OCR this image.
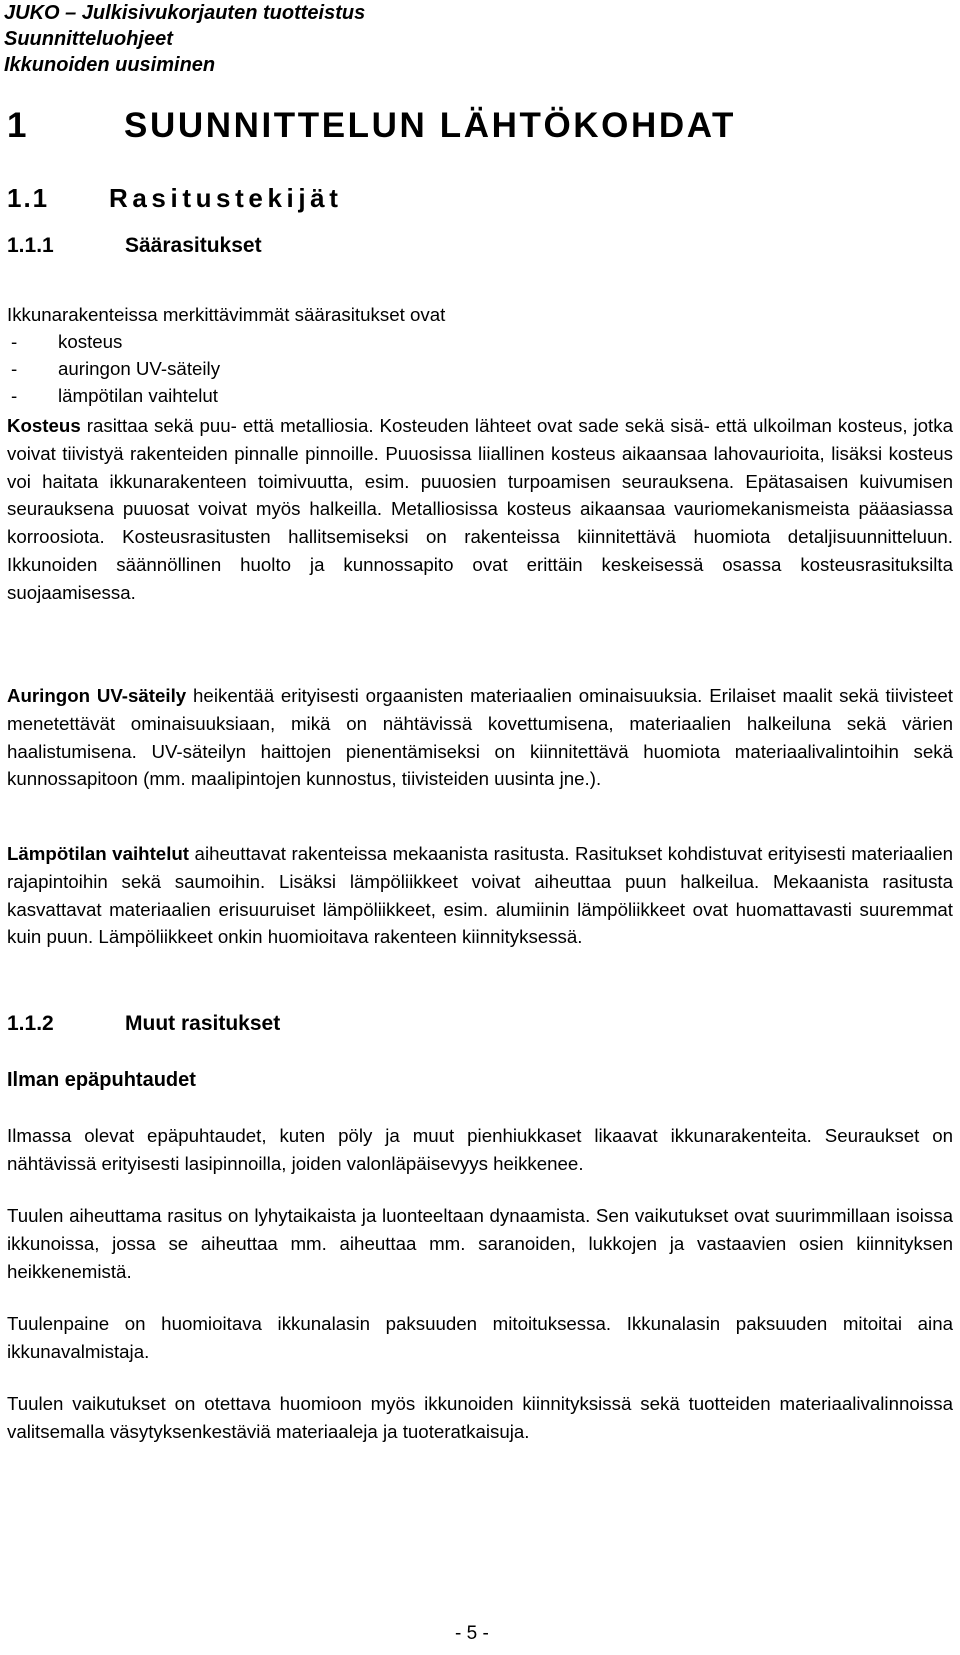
JUKO – Julkisivukorjauten tuotteistus
Suunnitteluohjeet
Ikkunoiden uusiminen
1	SUUNNITTELUN LÄHTÖKOHDAT
1.1 Rasitustekijät
1.1.1	Säärasitukset
Ikkunarakenteissa merkittävimmät säärasitukset ovat
-	kosteus
-	auringon UV-säteily
-	lämpötilan vaihtelut

Kosteus rasittaa sekä puu- että metalliosia. Kosteuden lähteet ovat sade sekä sisä- että ulkoilman kosteus, jotka voivat tiivistyä rakenteiden pinnalle pinnoille. Puuosissa liiallinen kosteus aikaansaa lahovaurioita, lisäksi kosteus voi haitata ikkunarakenteen toimivuutta, esim. puuosien turpoamisen seurauksena. Epätasaisen kuivumisen seurauksena puuosat voivat myös halkeilla. Metalliosissa kosteus aikaansaa vauriomekanismeista pääasiassa korroosiota. Kosteusrasitusten hallitsemiseksi on rakenteissa kiinnitettävä huomiota detaljisuunnitteluun. Ikkunoiden säännöllinen huolto ja kunnossapito ovat erittäin keskeisessä osassa kosteusrasituksilta suojaamisessa.

Auringon UV-säteily heikentää erityisesti orgaanisten materiaalien ominaisuuksia. Erilaiset maalit sekä tiivisteet menetettävät ominaisuuksiaan, mikä on nähtävissä kovettumisena, materiaalien halkeiluna sekä värien haalistumisena. UV-säteilyn haittojen pienentämiseksi on kiinnitettävä huomiota materiaalivalintoihin sekä kunnossapitoon (mm. maalipintojen kunnostus, tiivisteiden uusinta jne.).

Lämpötilan vaihtelut aiheuttavat rakenteissa mekaanista rasitusta. Rasitukset kohdistuvat erityisesti materiaalien rajapintoihin sekä saumoihin. Lisäksi lämpöliikkeet voivat aiheuttaa puun halkeilua. Mekaanista rasitusta kasvattavat materiaalien erisuuruiset lämpöliikkeet, esim. alumiinin lämpöliikkeet ovat huomattavasti suuremmat kuin puun. Lämpöliikkeet onkin huomioitava rakenteen kiinnityksessä.

1.1.2	Muut rasitukset
Ilman epäpuhtaudet

Ilmassa olevat epäpuhtaudet, kuten pöly ja muut pienhiukkaset likaavat ikkunarakenteita. Seuraukset on nähtävissä erityisesti lasipinnoilla, joiden valonläpäisevyys heikkenee.

Tuulen aiheuttama rasitus on lyhytaikaista ja luonteeltaan dynaamista. Sen vaikutukset ovat suurimmillaan isoissa ikkunoissa, jossa se aiheuttaa mm. aiheuttaa mm. saranoiden, lukkojen ja vastaavien osien kiinnityksen heikkenemistä.

Tuulenpaine on huomioitava ikkunalasin paksuuden mitoituksessa. Ikkunalasin paksuuden mitoitai aina ikkunavalmistaja.

Tuulen vaikutukset on otettava huomioon myös ikkunoiden kiinnityksissä sekä tuotteiden materiaalivalinnoissa valitsemalla väsytyksenkestäviä materiaaleja ja tuoteratkaisuja.

- 5 -
